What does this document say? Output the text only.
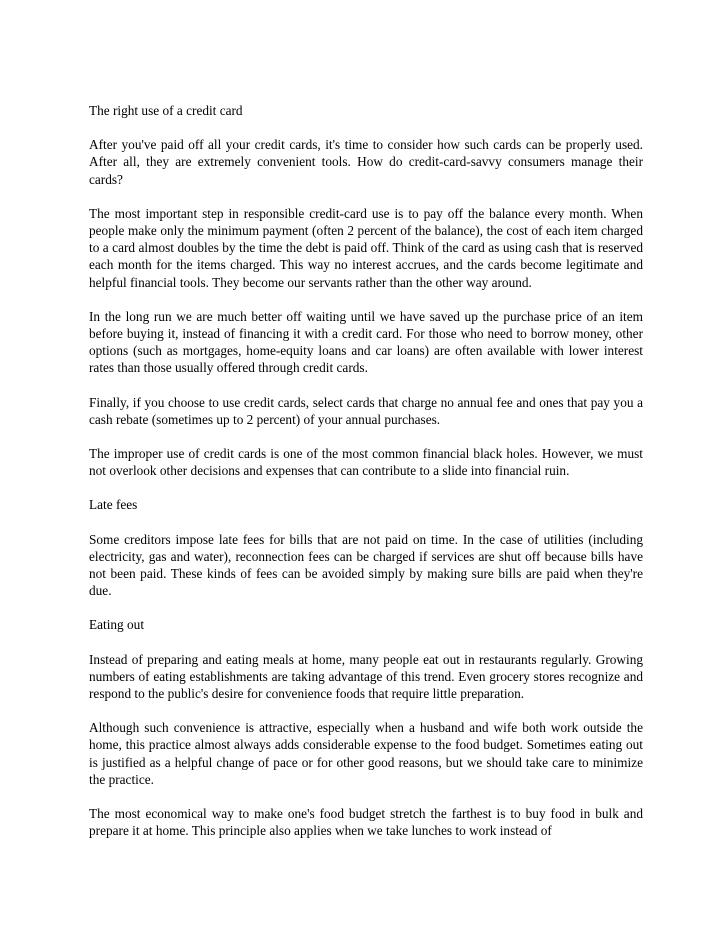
The right use of a credit card

After you've paid off all your credit cards, it's time to consider how such cards can be properly used. After all, they are extremely convenient tools. How do credit-card-savvy consumers manage their cards?

The most important step in responsible credit-card use is to pay off the balance every month. When people make only the minimum payment (often 2 percent of the balance), the cost of each item charged to a card almost doubles by the time the debt is paid off. Think of the card as using cash that is reserved each month for the items charged. This way no interest accrues, and the cards become legitimate and helpful financial tools. They become our servants rather than the other way around.

In the long run we are much better off waiting until we have saved up the purchase price of an item before buying it, instead of financing it with a credit card. For those who need to borrow money, other options (such as mortgages, home-equity loans and car loans) are often available with lower interest rates than those usually offered through credit cards.

Finally, if you choose to use credit cards, select cards that charge no annual fee and ones that pay you a cash rebate (sometimes up to 2 percent) of your annual purchases.

The improper use of credit cards is one of the most common financial black holes. However, we must not overlook other decisions and expenses that can contribute to a slide into financial ruin.

Late fees

Some creditors impose late fees for bills that are not paid on time. In the case of utilities (including electricity, gas and water), reconnection fees can be charged if services are shut off because bills have not been paid. These kinds of fees can be avoided simply by making sure bills are paid when they're due.

Eating out

Instead of preparing and eating meals at home, many people eat out in restaurants regularly. Growing numbers of eating establishments are taking advantage of this trend. Even grocery stores recognize and respond to the public's desire for convenience foods that require little preparation.

Although such convenience is attractive, especially when a husband and wife both work outside the home, this practice almost always adds considerable expense to the food budget. Sometimes eating out is justified as a helpful change of pace or for other good reasons, but we should take care to minimize the practice.

The most economical way to make one's food budget stretch the farthest is to buy food in bulk and prepare it at home. This principle also applies when we take lunches to work instead of
